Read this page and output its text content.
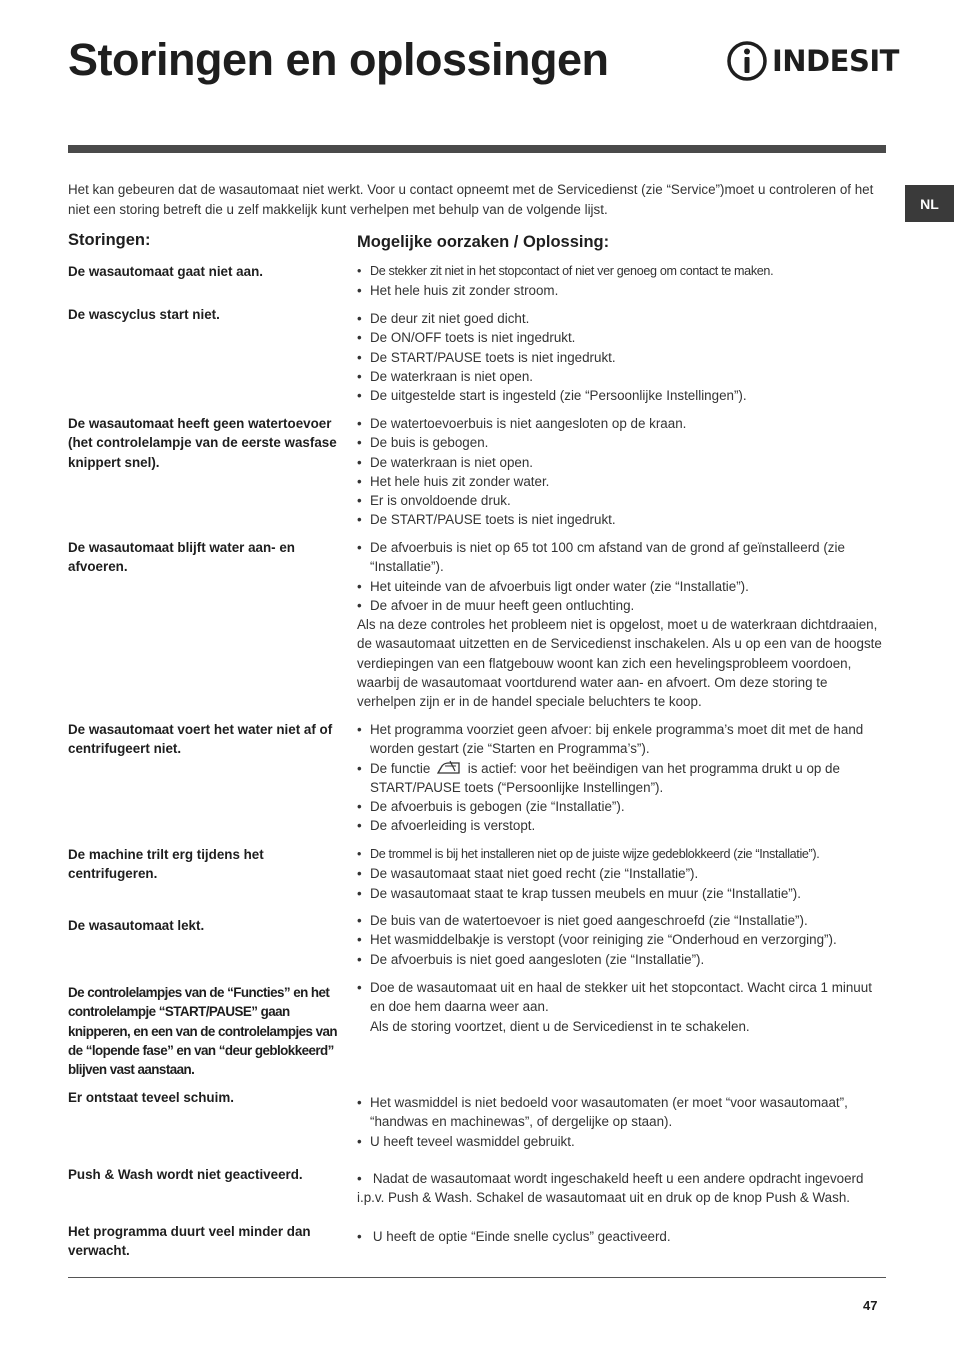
Storingen en oplossingen	INDESIT
NL

Het kan gebeuren dat de wasautomaat niet werkt. Voor u contact opneemt met de Servicedienst (zie “Service”)moet u controleren of het niet een storing betreft die u zelf makkelijk kunt verhelpen met behulp van de volgende lijst.

Storingen:	Mogelijke oorzaken / Oplossing:
De wasautomaat gaat niet aan.	• De stekker zit niet in het stopcontact of niet ver genoeg om contact te maken.
• Het hele huis zit zonder stroom.
De wascyclus start niet.	• De deur zit niet goed dicht.
• De ON/OFF toets is niet ingedrukt.
• De START/PAUSE toets is niet ingedrukt.
• De waterkraan is niet open.
• De uitgestelde start is ingesteld (zie “Persoonlijke Instellingen”).
De wasautomaat heeft geen watertoevoer (het controlelampje van de eerste wasfase knippert snel).
• De watertoevoerbuis is niet aangesloten op de kraan.
• De buis is gebogen.
• De waterkraan is niet open.
• Het hele huis zit zonder water.
• Er is onvoldoende druk.
• De START/PAUSE toets is niet ingedrukt.
De wasautomaat blijft water aan- en afvoeren.
• De afvoerbuis is niet op 65 tot 100 cm afstand van de grond af geïnstalleerd (zie “Installatie”).
• Het uiteinde van de afvoerbuis ligt onder water (zie “Installatie”).
• De afvoer in de muur heeft geen ontluchting.

Als na deze controles het probleem niet is opgelost, moet u de waterkraan dichtdraaien, de wasautomaat uitzetten en de Servicedienst inschakelen. Als u op een van de hoogste verdiepingen van een flatgebouw woont kan zich een hevelingsprobleem voordoen, waarbij de wasautomaat voortdurend water aan- en afvoert. Om deze storing te verhelpen zijn er in de handel speciale beluchters te koop.

De wasautomaat voert het water niet af of centrifugeert niet.
• Het programma voorziet geen afvoer: bij enkele programma’s moet dit met de hand worden gestart (zie “Starten en Programma’s”).
• De functie	is actief: voor het beëindigen van het programma drukt u op de START/PAUSE toets (“Persoonlijke Instellingen”).
• De afvoerbuis is gebogen (zie “Installatie”).
• De afvoerleiding is verstopt.
De machine trilt erg tijdens het centrifugeren.
• De trommel is bij het installeren niet op de juiste wijze gedeblokkeerd (zie “Installatie”).
• De wasautomaat staat niet goed recht (zie “Installatie”).
• De wasautomaat staat te krap tussen meubels en muur (zie “Installatie”).
De wasautomaat lekt.	• De buis van de watertoevoer is niet goed aangeschroefd (zie “Installatie”).
• Het wasmiddelbakje is verstopt (voor reiniging zie “Onderhoud en verzorging”).
• De afvoerbuis is niet goed aangesloten (zie “Installatie”).
De controlelampjes van de “Functies” en het controlelampje “START/PAUSE” gaan knipperen, en een van de controlelampjes van de “lopende fase” en van “deur geblokkeerd” blijven vast aanstaan.
• Doe de wasautomaat uit en haal de stekker uit het stopcontact. Wacht circa 1 minuut en doe hem daarna weer aan.

Als de storing voortzet, dient u de Servicedienst in te schakelen.

Er ontstaat teveel schuim.	• Het wasmiddel is niet bedoeld voor wasautomaten (er moet “voor wasautomaat”, “handwas en machinewas”, of dergelijke op staan).
• U heeft teveel wasmiddel gebruikt.
Push & Wash wordt niet geactiveerd.	•   Nadat de wasautomaat wordt ingeschakeld heeft u een andere opdracht ingevoerd i.p.v. Push & Wash. Schakel de wasautomaat uit en druk op de knop Push & Wash.

Het programma duurt veel minder dan verwacht.

•   U heeft de optie “Einde snelle cyclus” geactiveerd.

47
